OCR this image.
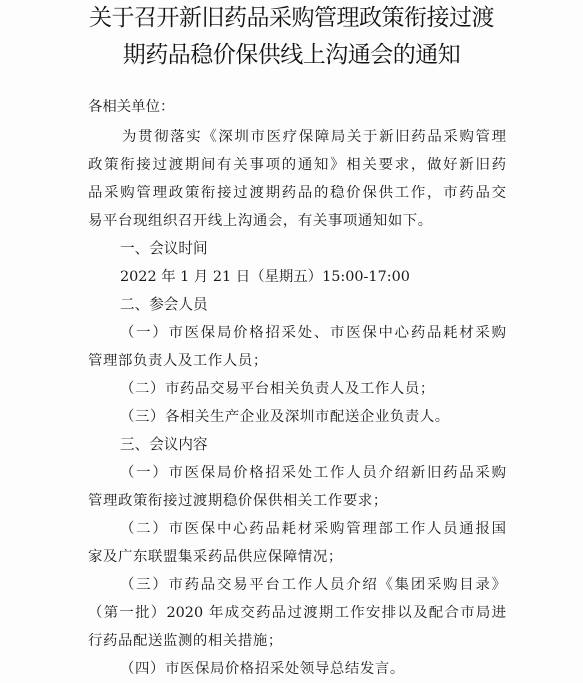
关于召开新旧药品采购管理政策衔接过渡
期药品稳价保供线上沟通会的通知
各相关单位：
为贯彻落实《深圳市医疗保障局关于新旧药品采购管理
政策衔接过渡期间有关事项的通知》相关要求，做好新旧药
品采购管理政策衔接过渡期药品的稳价保供工作，市药品交
易平台现组织召开线上沟通会，有关事项通知如下。
一、会议时间
2022 年 1 月 21 日（星期五）15:00-17:00
二、参会人员
（一）市医保局价格招采处、市医保中心药品耗材采购
管理部负责人及工作人员；
（二）市药品交易平台相关负责人及工作人员；
（三）各相关生产企业及深圳市配送企业负责人。
三、会议内容
（一）市医保局价格招采处工作人员介绍新旧药品采购
管理政策衔接过渡期稳价保供相关工作要求；
（二）市医保中心药品耗材采购管理部工作人员通报国
家及广东联盟集采药品供应保障情况；
（三）市药品交易平台工作人员介绍《集团采购目录》
（第一批）2020 年成交药品过渡期工作安排以及配合市局进
行药品配送监测的相关措施；
（四）市医保局价格招采处领导总结发言。
